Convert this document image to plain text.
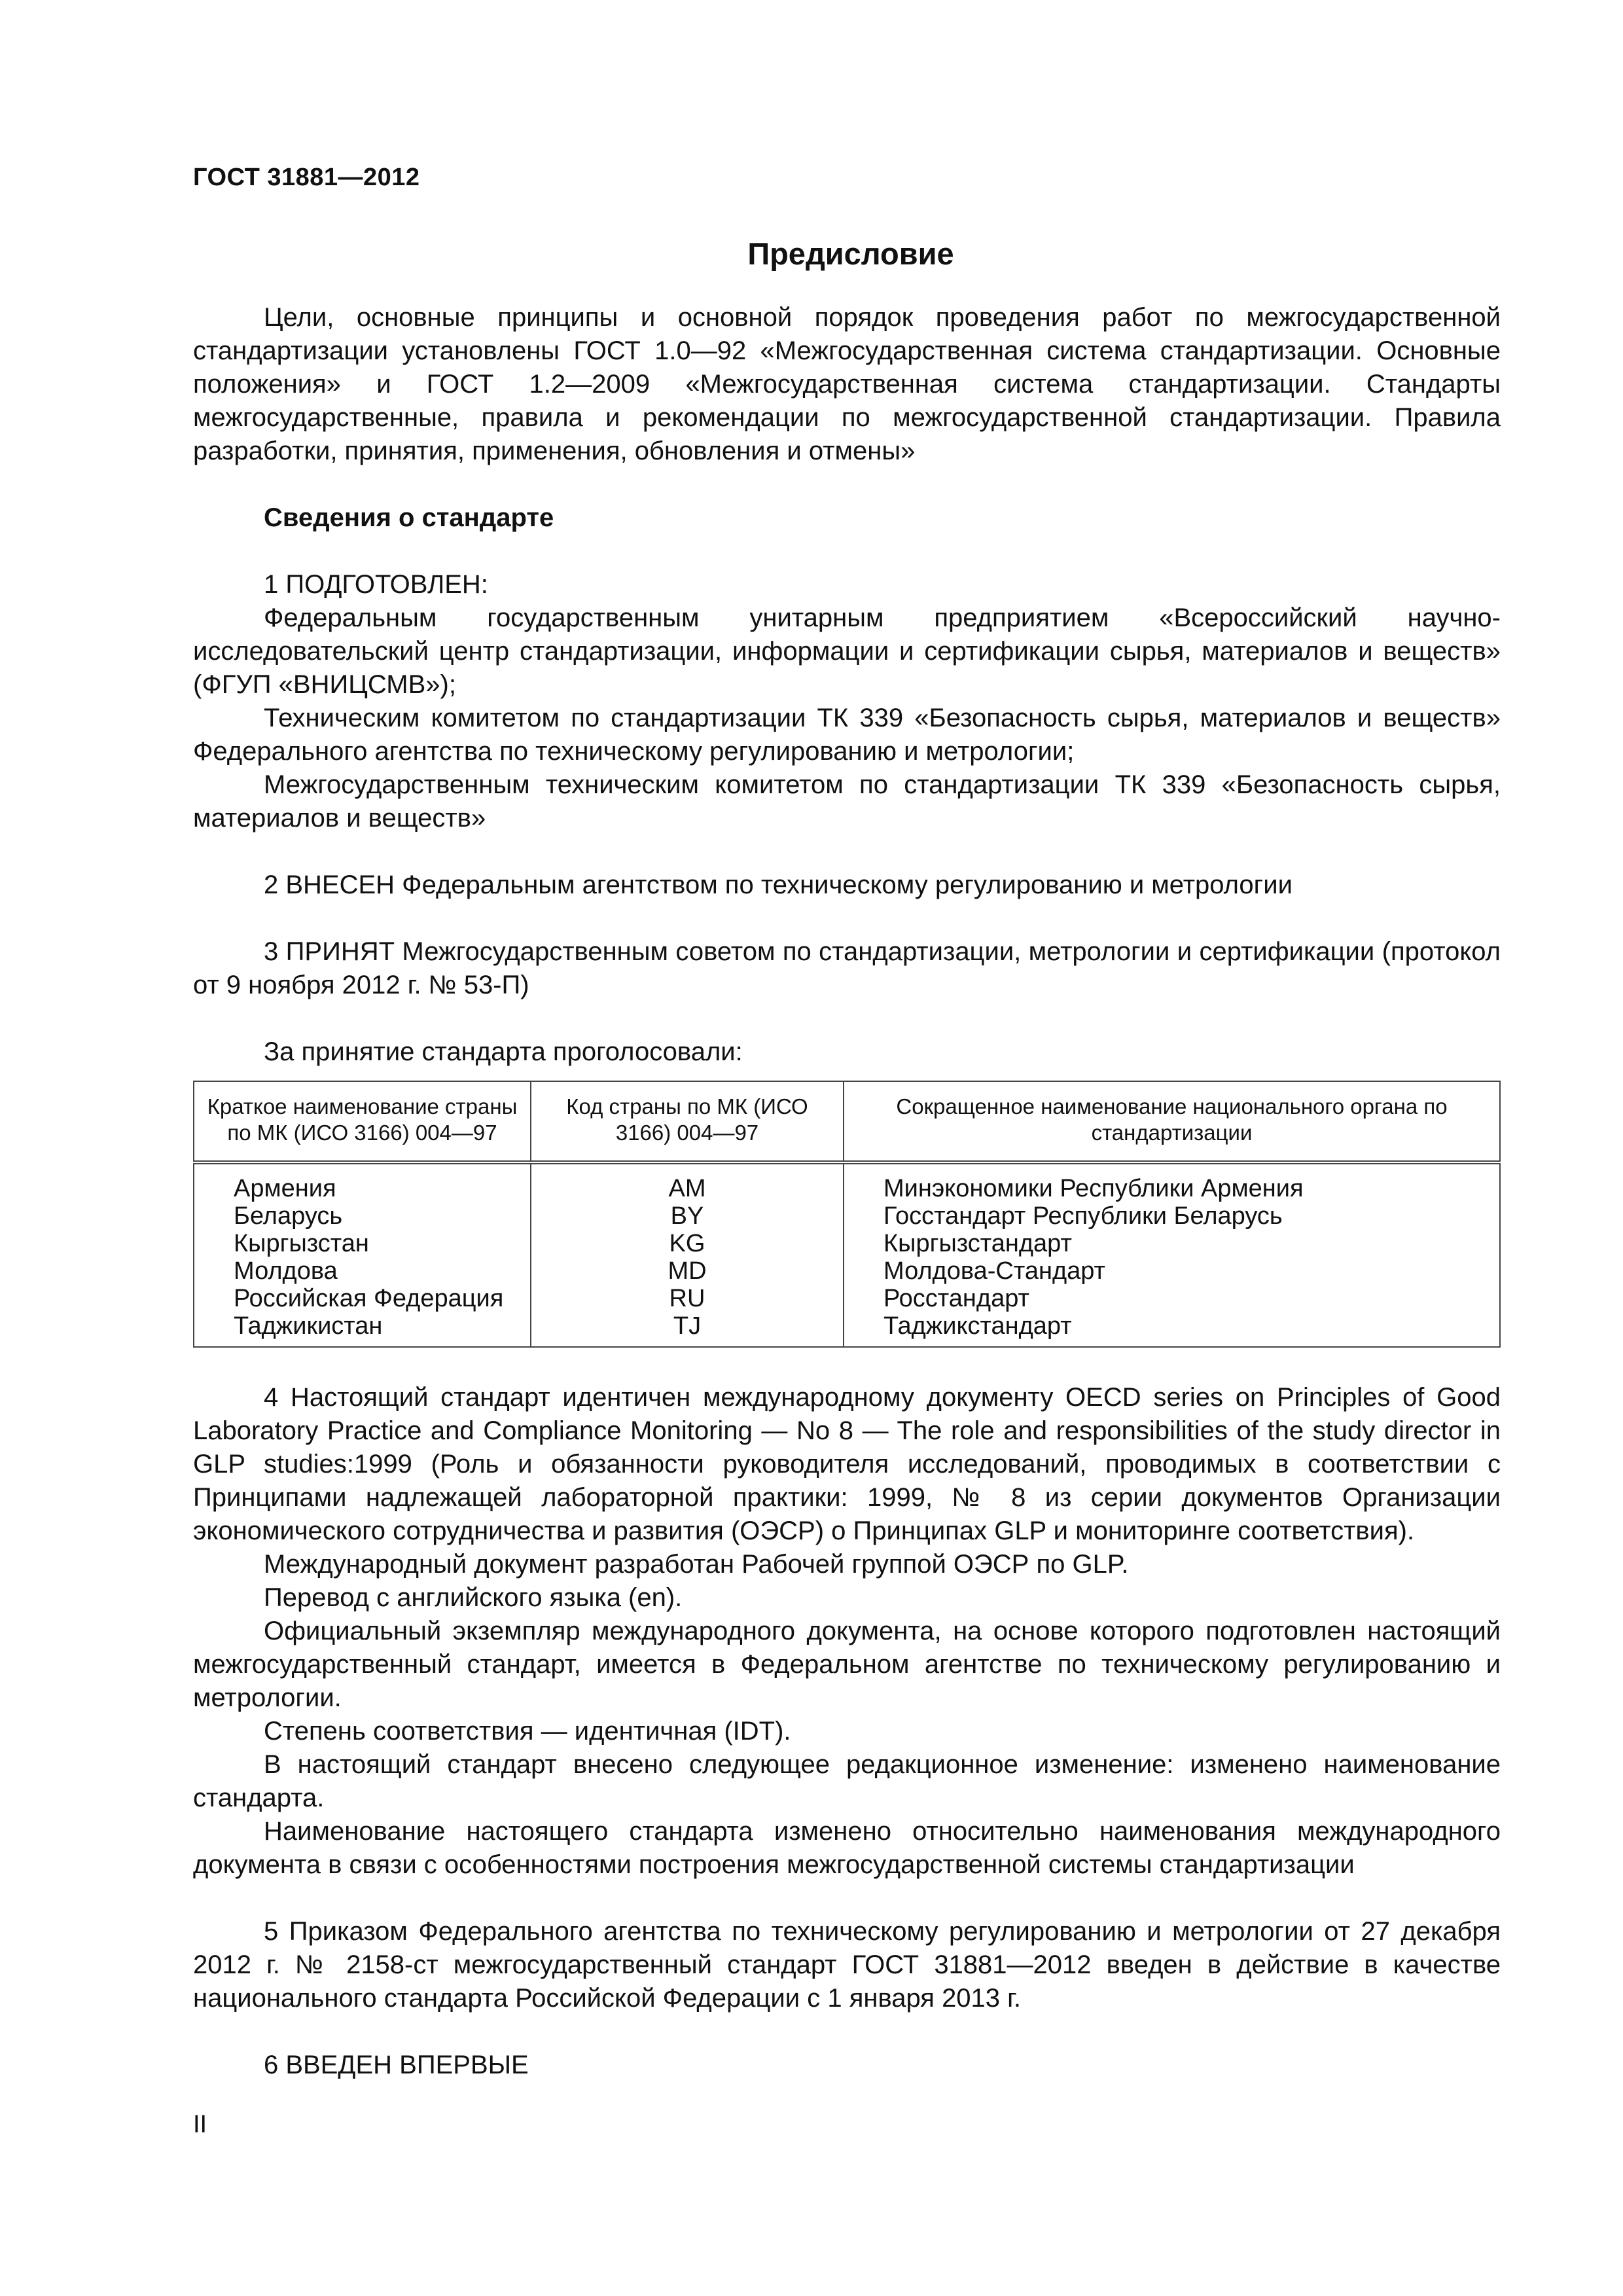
ГОСТ 31881—2012
Предисловие

Цели, основные принципы и основной порядок проведения работ по межгосударственной стандартизации установлены ГОСТ 1.0—92 «Межгосударственная система стандартизации. Основные положения» и ГОСТ 1.2—2009 «Межгосударственная система стандартизации. Стандарты межгосударственные, правила и рекомендации по межгосударственной стандартизации. Правила разработки, принятия, применения, обновления и отмены»

Сведения о стандарте

1 ПОДГОТОВЛЕН:

Федеральным государственным унитарным предприятием «Всероссийский научно-исследовательский центр стандартизации, информации и сертификации сырья, материалов и веществ» (ФГУП «ВНИЦСМВ»);

Техническим комитетом по стандартизации ТК 339 «Безопасность сырья, материалов и веществ» Федерального агентства по техническому регулированию и метрологии;

Межгосударственным техническим комитетом по стандартизации ТК 339 «Безопасность сырья, материалов и веществ»

2 ВНЕСЕН Федеральным агентством по техническому регулированию и метрологии

3 ПРИНЯТ Межгосударственным советом по стандартизации, метрологии и сертификации (протокол от 9 ноября 2012 г. № 53-П)

За принятие стандарта проголосовали:

Краткое наименование страны по МК (ИСО 3166) 004—97	Код страны по МК (ИСО 3166) 004—97	Сокращенное наименование национального органа по стандартизации
Армения	AM	Минэкономики Республики Армения
Беларусь	BY	Госстандарт Республики Беларусь
Кыргызстан	KG	Кыргызстандарт
Молдова	MD	Молдова-Стандарт
Российская Федерация	RU	Росстандарт
Таджикистан	TJ	Таджикстандарт

4 Настоящий стандарт идентичен международному документу OECD series on Principles of Good Laboratory Practice and Compliance Monitoring — No 8 — The role and responsibilities of the study director in GLP studies:1999 (Роль и обязанности руководителя исследований, проводимых в соответствии с Принципами надлежащей лабораторной практики: 1999, № 8 из серии документов Организации экономического сотрудничества и развития (ОЭСР) о Принципах GLP и мониторинге соответствия).

Международный документ разработан Рабочей группой ОЭСР по GLP.

Перевод с английского языка (en).

Официальный экземпляр международного документа, на основе которого подготовлен настоящий межгосударственный стандарт, имеется в Федеральном агентстве по техническому регулированию и метрологии.

Степень соответствия — идентичная (IDT).

В настоящий стандарт внесено следующее редакционное изменение: изменено наименование стандарта.

Наименование настоящего стандарта изменено относительно наименования международного документа в связи с особенностями построения межгосударственной системы стандартизации

5 Приказом Федерального агентства по техническому регулированию и метрологии от 27 декабря 2012 г. № 2158-ст межгосударственный стандарт ГОСТ 31881—2012 введен в действие в качестве национального стандарта Российской Федерации с 1 января 2013 г.

6 ВВЕДЕН ВПЕРВЫЕ

II
